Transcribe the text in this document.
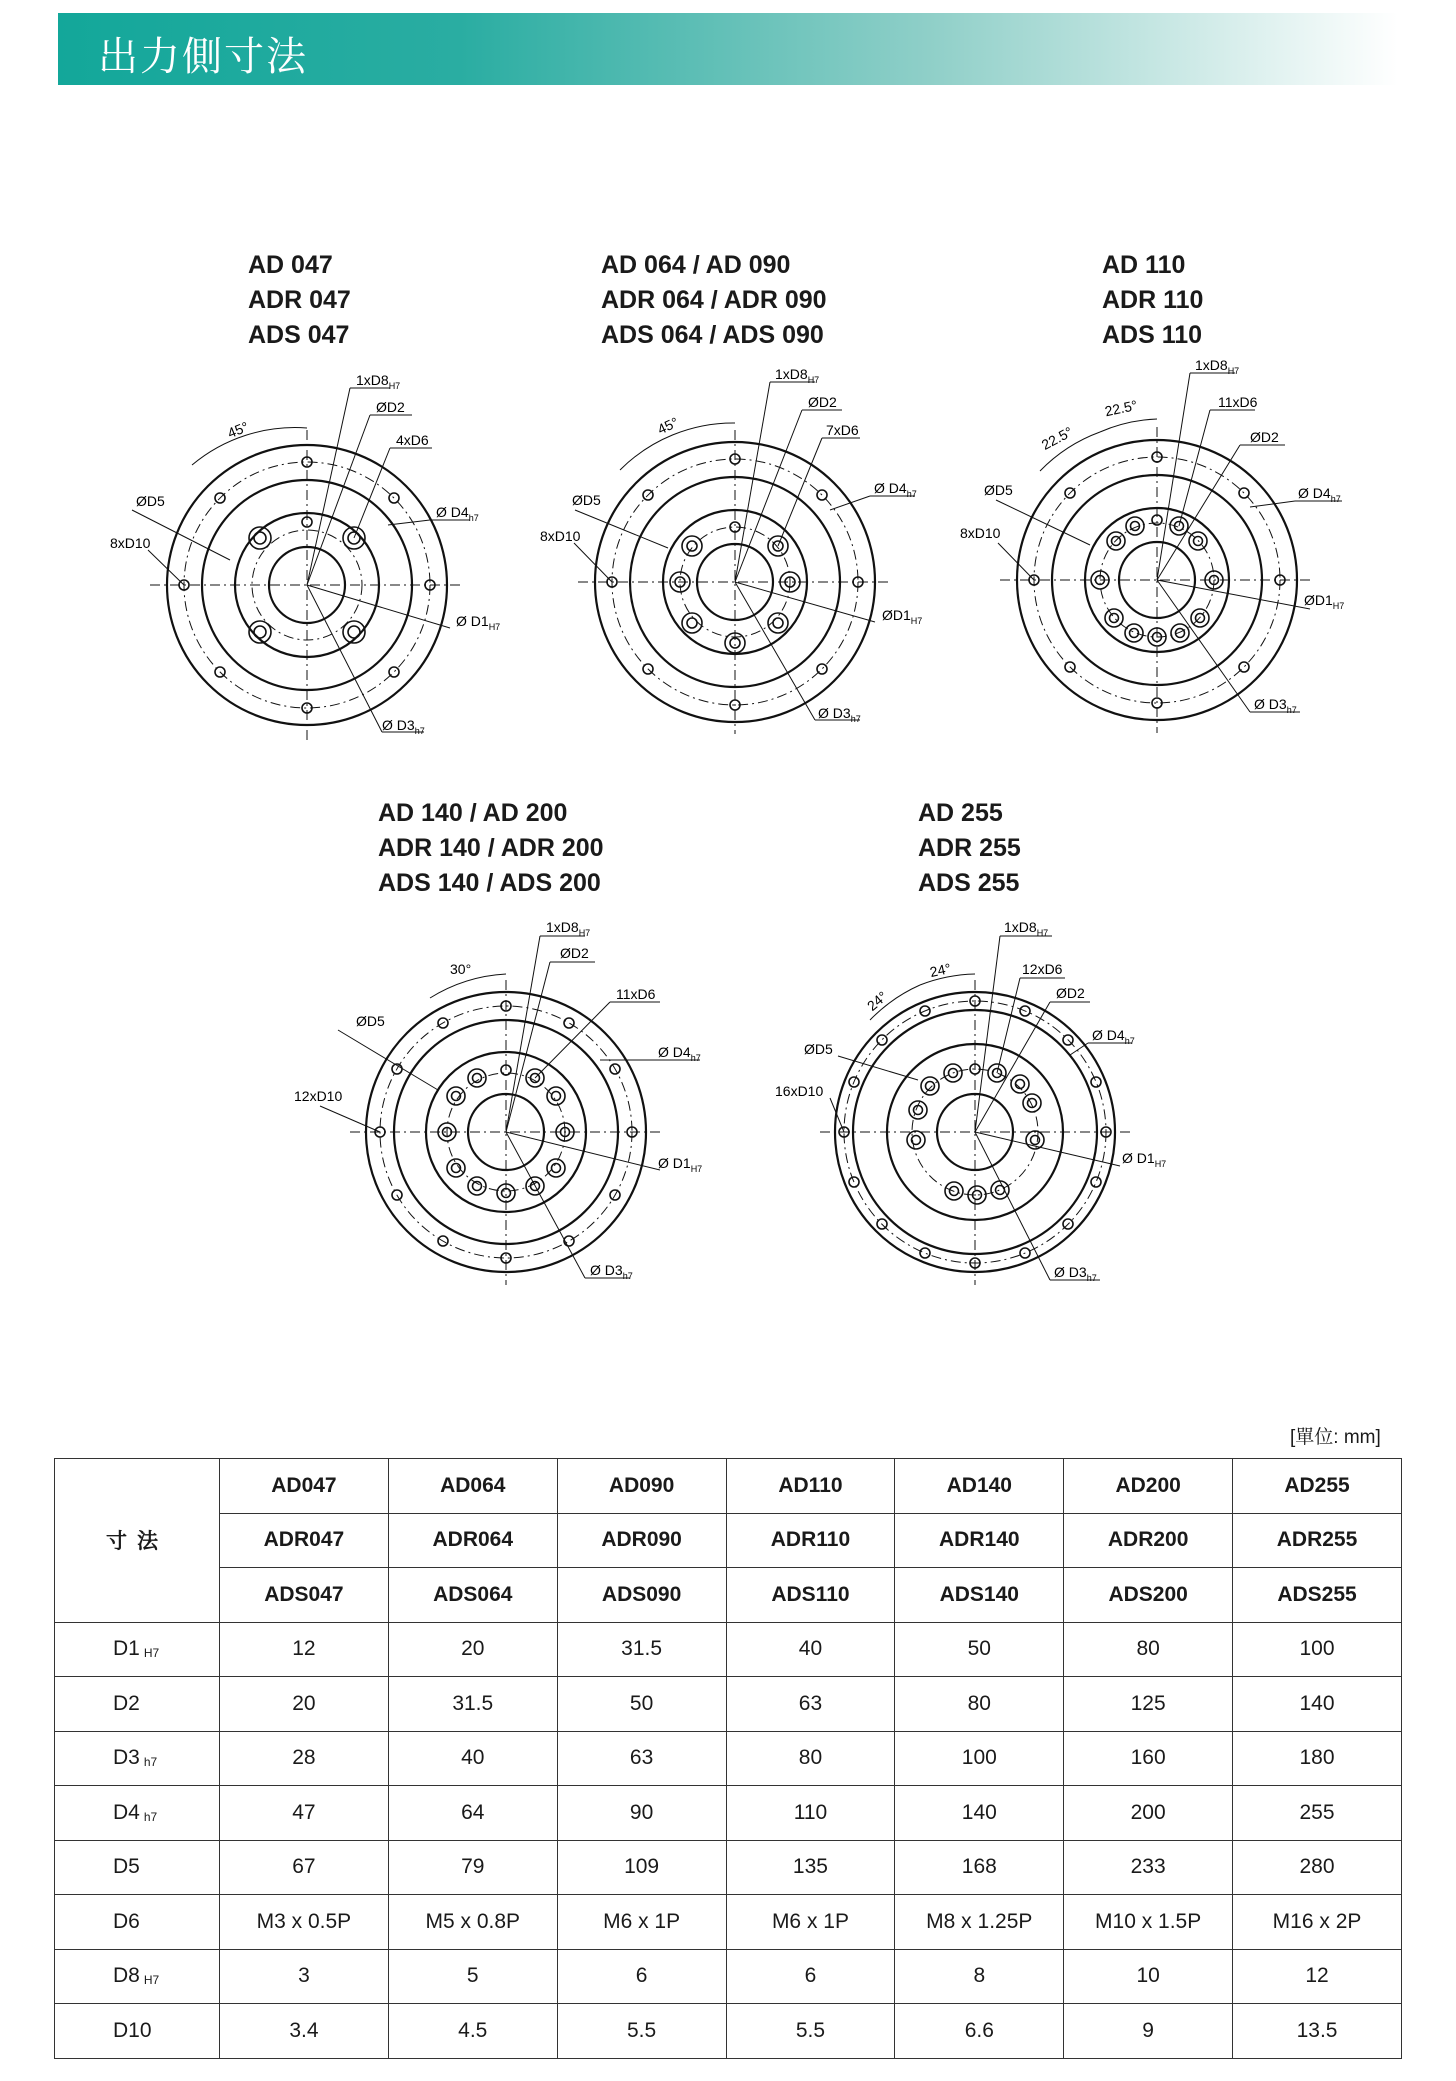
出力側寸法
AD 047
ADR 047
ADS 047
$1xD8_{H7}$
ØD2
4xD6
Ø $D4_{h7}$
ØD5
8xD10
Ø $D1_{H7}$
Ø $D3_{h7}$
45°
AD 064 / AD 090
ADR 064 / ADR 090
ADS 064 / ADS 090
$1xD8_{H7}$
ØD2
7xD6
Ø $D4_{h7}$
ØD5
8xD10
$ØD1_{H7}$
Ø $D3_{h7}$
45°
AD 110
ADR 110
ADS 110
$1xD8_{H7}$
11xD6
ØD2
Ø $D4_{h7}$
ØD5
8xD10
$ØD1_{H7}$
Ø $D3_{h7}$
22.5°
22.5°
AD 140 / AD 200
ADR 140 / ADR 200
ADS 140 / ADS 200
$1xD8_{H7}$
ØD2
11xD6
Ø $D4_{h7}$
ØD5
12xD10
Ø $D1_{H7}$
Ø $D3_{h7}$
30°
AD 255
ADR 255
ADS 255
$1xD8_{H7}$
12xD6
ØD2
Ø $D4_{h7}$
ØD5
16xD10
Ø $D1_{H7}$
Ø $D3_{h7}$
24°
24°
[單位: mm]
寸法	AD047	AD064	AD090	AD110	AD140	AD200	AD255
	ADR047	ADR064	ADR090	ADR110	ADR140	ADR200	ADR255
	ADS047	ADS064	ADS090	ADS110	ADS140	ADS200	ADS255
D1 $_{H7}$	12	20	31.5	40	50	80	100
D2	20	31.5	50	63	80	125	140
D3 $_{h7}$	28	40	63	80	100	160	180
D4 $_{h7}$	47	64	90	110	140	200	255
D5	67	79	109	135	168	233	280
D6	M3 x 0.5P	M5 x 0.8P	M6 x 1P	M6 x 1P	M8 x 1.25P	M10 x 1.5P	M16 x 2P
D8 $_{H7}$	3	5	6	6	8	10	12
D10	3.4	4.5	5.5	5.5	6.6	9	13.5
